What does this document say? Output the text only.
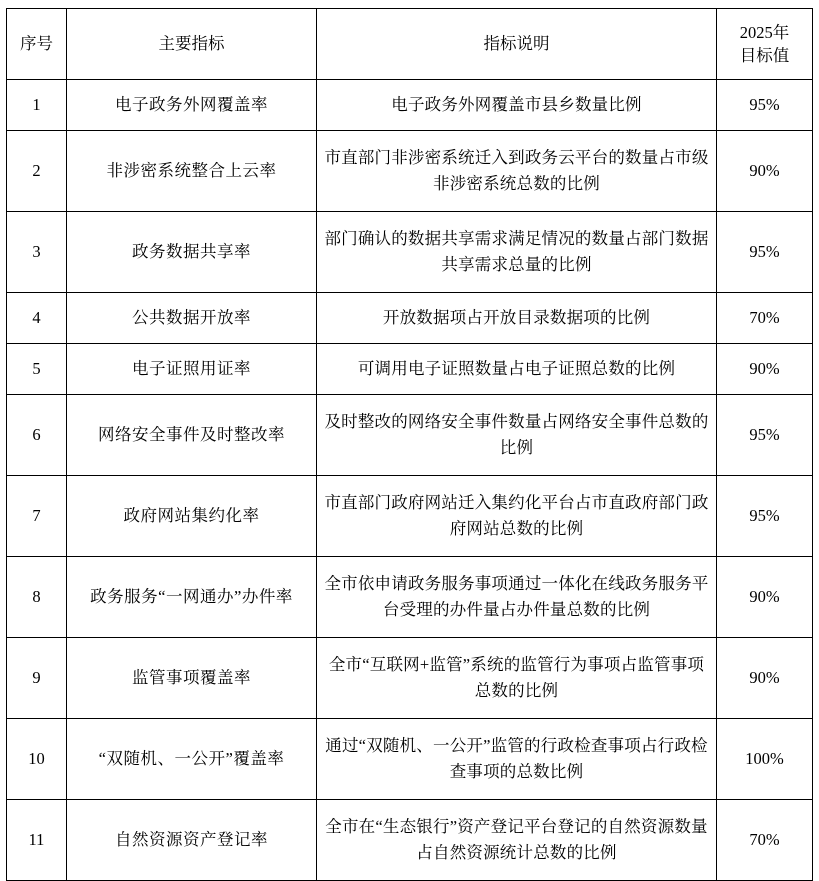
序号	主要指标	指标说明	2025年
目标值

1	电子政务外网覆盖率	电子政务外网覆盖市县乡数量比例	95%
2	非涉密系统整合上云率	市直部门非涉密系统迁入到政务云平台的数量占市级非涉密系统总数的比例	90%
3	政务数据共享率	部门确认的数据共享需求满足情况的数量占部门数据共享需求总量的比例	95%
4	公共数据开放率	开放数据项占开放目录数据项的比例	70%
5	电子证照用证率	可调用电子证照数量占电子证照总数的比例	90%
6	网络安全事件及时整改率	及时整改的网络安全事件数量占网络安全事件总数的比例	95%
7	政府网站集约化率	市直部门政府网站迁入集约化平台占市直政府部门政府网站总数的比例	95%
8	政务服务“一网通办”办件率	全市依申请政务服务事项通过一体化在线政务服务平台受理的办件量占办件量总数的比例	90%
9	监管事项覆盖率	全市“互联网+监管”系统的监管行为事项占监管事项总数的比例	90%
10	“双随机、一公开”覆盖率	通过“双随机、一公开”监管的行政检查事项占行政检查事项的总数比例	100%
11	自然资源资产登记率	全市在“生态银行”资产登记平台登记的自然资源数量占自然资源统计总数的比例	70%
